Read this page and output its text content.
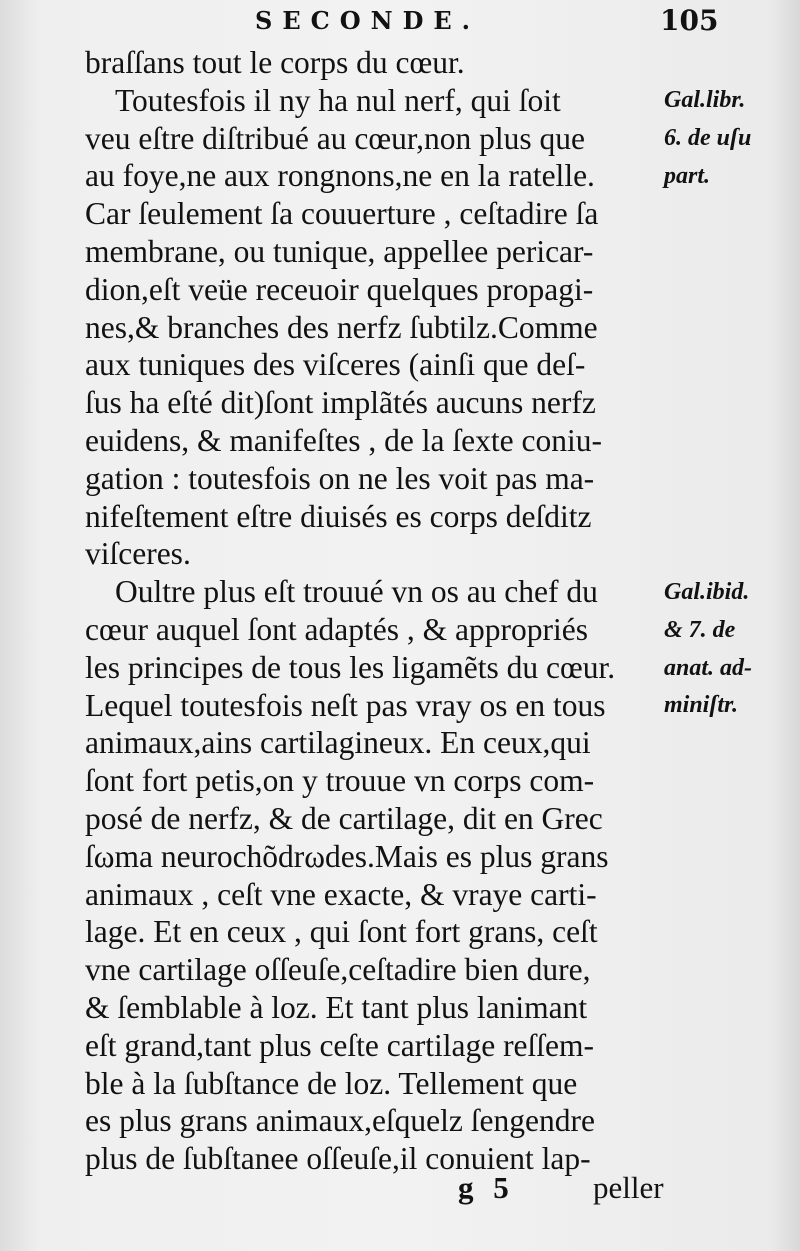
SECONDE.	105
braſſans tout le corps du cœur.
Toutesfois il ny ha nul nerf, qui ſoit
veu eſtre diſtribué au cœur,non plus que
au foye,ne aux rongnons,ne en la ratelle.
Car ſeulement ſa couuerture , ceſtadire ſa
membrane, ou tunique, appellee pericar-
dion,eſt veüe receuoir quelques propagi-
nes,& branches des nerfz ſubtilz.Comme
aux tuniques des viſceres (ainſi que deſ-
ſus ha eſté dit)ſont implãtés aucuns nerfz
euidens, & manifeſtes , de la ſexte coniu-
gation : toutesfois on ne les voit pas ma-
nifeſtement eſtre diuisés es corps deſditz
viſceres.
Oultre plus eſt trouué vn os au chef du
cœur auquel ſont adaptés , & appropriés
les principes de tous les ligamẽts du cœur.
Lequel toutesfois neſt pas vray os en tous
animaux,ains cartilagineux. En ceux,qui
ſont fort petis,on y trouue vn corps com-
posé de nerfz, & de cartilage, dit en Grec
ſωma neurochõdrωdes.Mais es plus grans
animaux , ceſt vne exacte, & vraye carti-
lage. Et en ceux , qui ſont fort grans, ceſt
vne cartilage oſſeuſe,ceſtadire bien dure,
& ſemblable à loz. Et tant plus lanimant
eſt grand,tant plus ceſte cartilage reſſem-
ble à la ſubſtance de loz. Tellement que
es plus grans animaux,eſquelz ſengendre
plus de ſubſtanee oſſeuſe,il conuient lap-
Gal.libr.
6. de uſu
part.
Gal.ibid.
& 7. de
anat. ad-
miniſtr.
g 5	peller
